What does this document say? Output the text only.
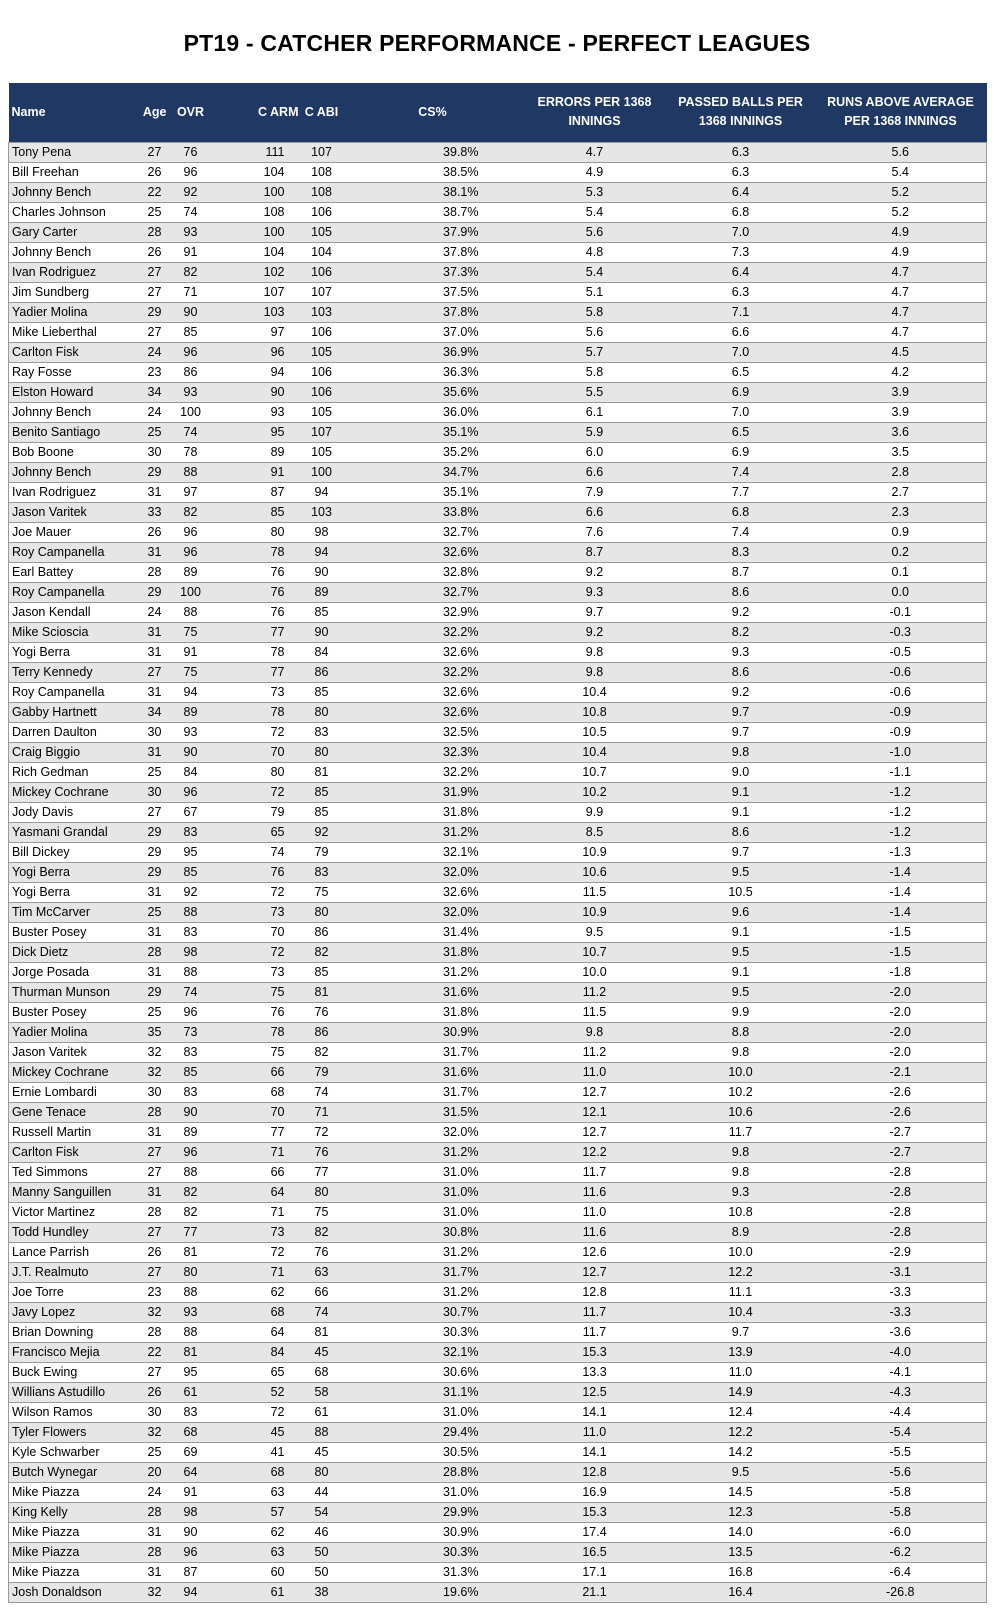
PT19 - CATCHER PERFORMANCE - PERFECT LEAGUES
Name	Age	OVR	C ARM	C ABI	CS%	ERRORS PER 1368 INNINGS	PASSED BALLS PER 1368 INNINGS	RUNS ABOVE AVERAGE PER 1368 INNINGS
Tony Pena	27	76	111	107	39.8%	4.7	6.3	5.6
Bill Freehan	26	96	104	108	38.5%	4.9	6.3	5.4
Johnny Bench	22	92	100	108	38.1%	5.3	6.4	5.2
Charles Johnson	25	74	108	106	38.7%	5.4	6.8	5.2
Gary Carter	28	93	100	105	37.9%	5.6	7.0	4.9
Johnny Bench	26	91	104	104	37.8%	4.8	7.3	4.9
Ivan Rodriguez	27	82	102	106	37.3%	5.4	6.4	4.7
Jim Sundberg	27	71	107	107	37.5%	5.1	6.3	4.7
Yadier Molina	29	90	103	103	37.8%	5.8	7.1	4.7
Mike Lieberthal	27	85	97	106	37.0%	5.6	6.6	4.7
Carlton Fisk	24	96	96	105	36.9%	5.7	7.0	4.5
Ray Fosse	23	86	94	106	36.3%	5.8	6.5	4.2
Elston Howard	34	93	90	106	35.6%	5.5	6.9	3.9
Johnny Bench	24	100	93	105	36.0%	6.1	7.0	3.9
Benito Santiago	25	74	95	107	35.1%	5.9	6.5	3.6
Bob Boone	30	78	89	105	35.2%	6.0	6.9	3.5
Johnny Bench	29	88	91	100	34.7%	6.6	7.4	2.8
Ivan Rodriguez	31	97	87	94	35.1%	7.9	7.7	2.7
Jason Varitek	33	82	85	103	33.8%	6.6	6.8	2.3
Joe Mauer	26	96	80	98	32.7%	7.6	7.4	0.9
Roy Campanella	31	96	78	94	32.6%	8.7	8.3	0.2
Earl Battey	28	89	76	90	32.8%	9.2	8.7	0.1
Roy Campanella	29	100	76	89	32.7%	9.3	8.6	0.0
Jason Kendall	24	88	76	85	32.9%	9.7	9.2	-0.1
Mike Scioscia	31	75	77	90	32.2%	9.2	8.2	-0.3
Yogi Berra	31	91	78	84	32.6%	9.8	9.3	-0.5
Terry Kennedy	27	75	77	86	32.2%	9.8	8.6	-0.6
Roy Campanella	31	94	73	85	32.6%	10.4	9.2	-0.6
Gabby Hartnett	34	89	78	80	32.6%	10.8	9.7	-0.9
Darren Daulton	30	93	72	83	32.5%	10.5	9.7	-0.9
Craig Biggio	31	90	70	80	32.3%	10.4	9.8	-1.0
Rich Gedman	25	84	80	81	32.2%	10.7	9.0	-1.1
Mickey Cochrane	30	96	72	85	31.9%	10.2	9.1	-1.2
Jody Davis	27	67	79	85	31.8%	9.9	9.1	-1.2
Yasmani Grandal	29	83	65	92	31.2%	8.5	8.6	-1.2
Bill Dickey	29	95	74	79	32.1%	10.9	9.7	-1.3
Yogi Berra	29	85	76	83	32.0%	10.6	9.5	-1.4
Yogi Berra	31	92	72	75	32.6%	11.5	10.5	-1.4
Tim McCarver	25	88	73	80	32.0%	10.9	9.6	-1.4
Buster Posey	31	83	70	86	31.4%	9.5	9.1	-1.5
Dick Dietz	28	98	72	82	31.8%	10.7	9.5	-1.5
Jorge Posada	31	88	73	85	31.2%	10.0	9.1	-1.8
Thurman Munson	29	74	75	81	31.6%	11.2	9.5	-2.0
Buster Posey	25	96	76	76	31.8%	11.5	9.9	-2.0
Yadier Molina	35	73	78	86	30.9%	9.8	8.8	-2.0
Jason Varitek	32	83	75	82	31.7%	11.2	9.8	-2.0
Mickey Cochrane	32	85	66	79	31.6%	11.0	10.0	-2.1
Ernie Lombardi	30	83	68	74	31.7%	12.7	10.2	-2.6
Gene Tenace	28	90	70	71	31.5%	12.1	10.6	-2.6
Russell Martin	31	89	77	72	32.0%	12.7	11.7	-2.7
Carlton Fisk	27	96	71	76	31.2%	12.2	9.8	-2.7
Ted Simmons	27	88	66	77	31.0%	11.7	9.8	-2.8
Manny Sanguillen	31	82	64	80	31.0%	11.6	9.3	-2.8
Victor Martinez	28	82	71	75	31.0%	11.0	10.8	-2.8
Todd Hundley	27	77	73	82	30.8%	11.6	8.9	-2.8
Lance Parrish	26	81	72	76	31.2%	12.6	10.0	-2.9
J.T. Realmuto	27	80	71	63	31.7%	12.7	12.2	-3.1
Joe Torre	23	88	62	66	31.2%	12.8	11.1	-3.3
Javy Lopez	32	93	68	74	30.7%	11.7	10.4	-3.3
Brian Downing	28	88	64	81	30.3%	11.7	9.7	-3.6
Francisco Mejia	22	81	84	45	32.1%	15.3	13.9	-4.0
Buck Ewing	27	95	65	68	30.6%	13.3	11.0	-4.1
Willians Astudillo	26	61	52	58	31.1%	12.5	14.9	-4.3
Wilson Ramos	30	83	72	61	31.0%	14.1	12.4	-4.4
Tyler Flowers	32	68	45	88	29.4%	11.0	12.2	-5.4
Kyle Schwarber	25	69	41	45	30.5%	14.1	14.2	-5.5
Butch Wynegar	20	64	68	80	28.8%	12.8	9.5	-5.6
Mike Piazza	24	91	63	44	31.0%	16.9	14.5	-5.8
King Kelly	28	98	57	54	29.9%	15.3	12.3	-5.8
Mike Piazza	31	90	62	46	30.9%	17.4	14.0	-6.0
Mike Piazza	28	96	63	50	30.3%	16.5	13.5	-6.2
Mike Piazza	31	87	60	50	31.3%	17.1	16.8	-6.4
Josh Donaldson	32	94	61	38	19.6%	21.1	16.4	-26.8
